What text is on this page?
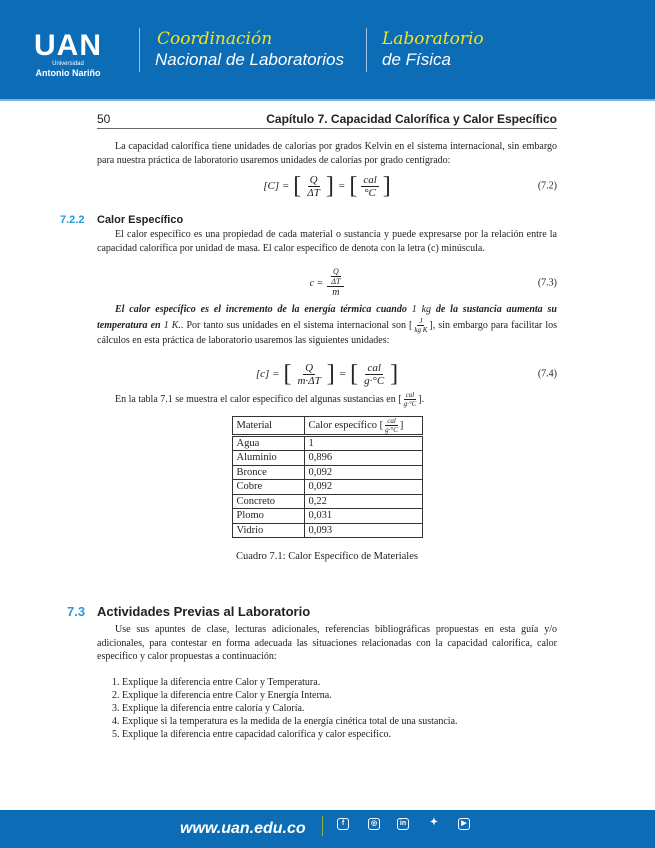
UAN
Universidad
Antonio Nariño
Coordinación
Nacional de Laboratorios
Laboratorio
de Física
50	Capítulo 7. Capacidad Calorífica y Calor Específico
La capacidad calorífica tiene unidades de calorías por grados Kelvin en el sistema internacional, sin embargo para nuestra práctica de laboratorio usaremos unidades de calorías por grado centígrado:
[C] = [ $\frac{Q}{\Delta T}$ ] = [ $\frac{\text{cal}}{^\circ C}$ ]	(7.2)
7.2.2 Calor Específico
El calor específico es una propiedad de cada material o sustancia y puede expresarse por la relación entre la capacidad calorífica por unidad de masa. El calor específico de denota con la letra (c) minúscula.
$c = \frac{\frac{Q}{\Delta T}}{m}$	(7.3)
El calor específico es el incremento de la energía térmica cuando 1 kg de la sustancia aumenta su temperatura en 1 K.. Por tanto sus unidades en el sistema internacional son [ $\frac{J}{\text{kg K}}$ ], sin embargo para facilitar los cálculos en esta práctica de laboratorio usaremos las siguientes unidades:
[c] = [ $\frac{Q}{m\cdot\Delta T}$ ] = [ $\frac{\text{cal}}{g\cdot^\circ C}$ ]	(7.4)
En la tabla 7.1 se muestra el calor específico del algunas sustancias en [ $\frac{\text{cal}}{g\cdot^\circ C}$ ].
Material	Calor específico [ $\frac{\text{cal}}{g\cdot^\circ C}$ ]
Agua	1
Aluminio	0,896
Bronce	0,092
Cobre	0,092
Concreto	0,22
Plomo	0,031
Vidrio	0,093
Cuadro 7.1: Calor Específico de Materiales
7.3 Actividades Previas al Laboratorio
Use sus apuntes de clase, lecturas adicionales, referencias bibliográficas propuestas en esta guía y/o adicionales, para contestar en forma adecuada las situaciones relacionadas con la capacidad calorífica, calor especifico y calor propuestas a continuación:
1. Explique la diferencia entre Calor y Temperatura.
2. Explique la diferencia entre Calor y Energía Interna.
3. Explique la diferencia entre caloría y Caloría.
4. Explique si la temperatura es la medida de la energía cinética total de una sustancia.
5. Explique la diferencia entre capacidad calorífica y calor especifico.
www.uan.edu.co	f	◎	in ✦	▶
